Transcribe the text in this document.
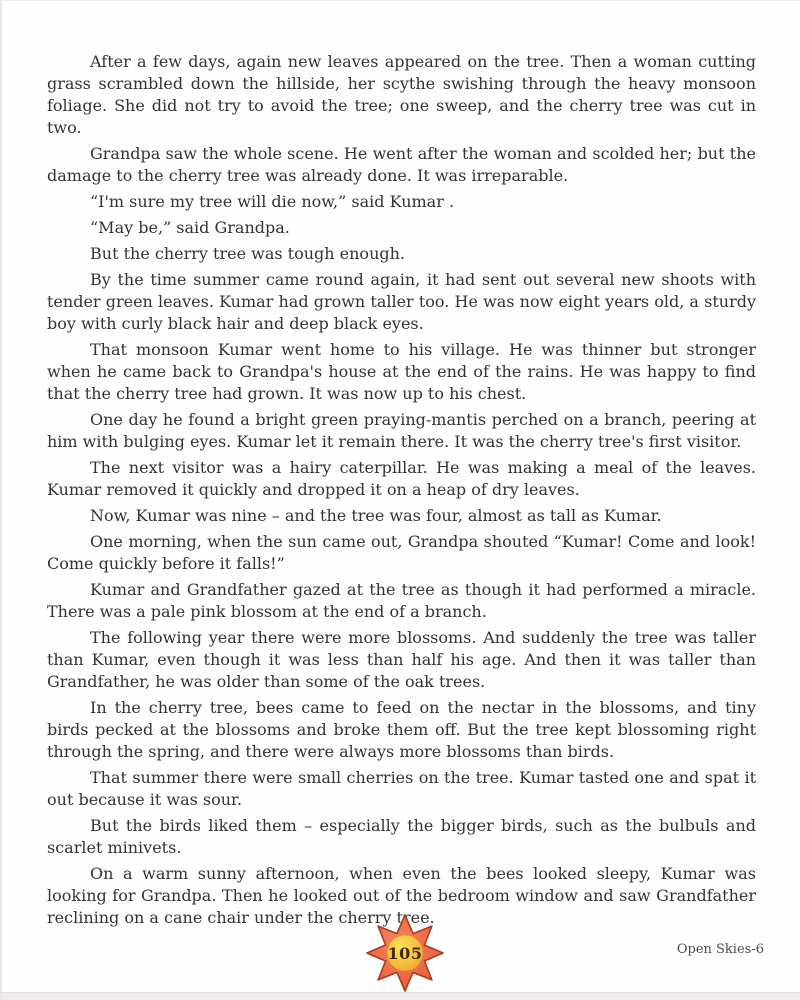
After a few days, again new leaves appeared on the tree. Then a woman cutting grass scrambled down the hillside, her scythe swishing through the heavy monsoon foliage. She did not try to avoid the tree; one sweep, and the cherry tree was cut in two.

Grandpa saw the whole scene. He went after the woman and scolded her; but the damage to the cherry tree was already done. It was irreparable.

“I'm sure my tree will die now,” said Kumar .

“May be,” said Grandpa.

But the cherry tree was tough enough.

By the time summer came round again, it had sent out several new shoots with tender green leaves. Kumar had grown taller too. He was now eight years old, a sturdy boy with curly black hair and deep black eyes.

That monsoon Kumar went home to his village. He was thinner but stronger when he came back to Grandpa's house at the end of the rains. He was happy to find that the cherry tree had grown. It was now up to his chest.

One day he found a bright green praying-mantis perched on a branch, peering at him with bulging eyes. Kumar let it remain there. It was the cherry tree's first visitor.

The next visitor was a hairy caterpillar. He was making a meal of the leaves. Kumar removed it quickly and dropped it on a heap of dry leaves.

Now, Kumar was nine – and the tree was four, almost as tall as Kumar.

One morning, when the sun came out, Grandpa shouted “Kumar! Come and look! Come quickly before it falls!”

Kumar and Grandfather gazed at the tree as though it had performed a miracle. There was a pale pink blossom at the end of a branch.

The following year there were more blossoms. And suddenly the tree was taller than Kumar, even though it was less than half his age. And then it was taller than Grandfather, he was older than some of the oak trees.

In the cherry tree, bees came to feed on the nectar in the blossoms, and tiny birds pecked at the blossoms and broke them off. But the tree kept blossoming right through the spring, and there were always more blossoms than birds.

That summer there were small cherries on the tree. Kumar tasted one and spat it out because it was sour.

But the birds liked them – especially the bigger birds, such as the bulbuls and scarlet minivets.

On a warm sunny afternoon, when even the bees looked sleepy, Kumar was looking for Grandpa. Then he looked out of the bedroom window and saw Grandfather reclining on a cane chair under the cherry tree.

105	Open Skies-6
